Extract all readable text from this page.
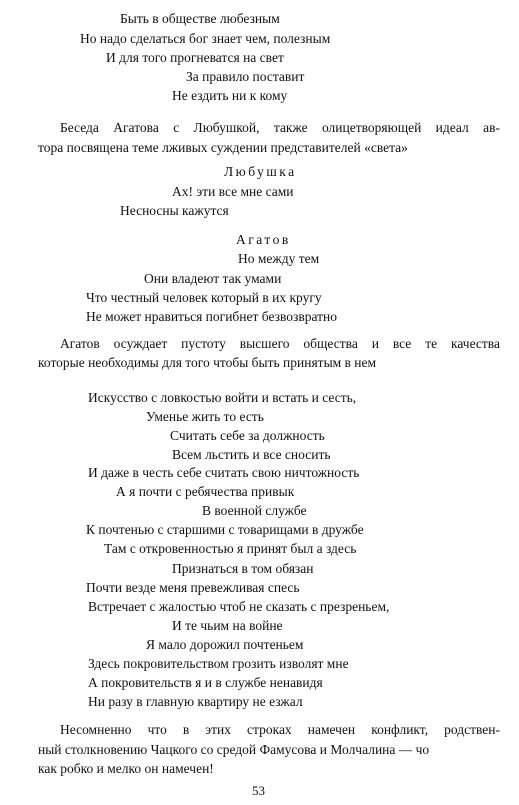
Быть в обществе любезным
Но надо сделаться бог знает чем, полезным
И для того прогневатся на свет
За правило поставит
Не ездить ни к кому
Беседа Агатова с Любушкой, также олицетворяющей идеал ав-
тора посвящена теме лживых суждении представителей «света»
Любушка
Ах! эти все мне сами
Несносны кажутся
Агатов
Но между тем
Они владеют так умами
Что честный человек который в их кругу
Не может нравиться погибнет безвозвратно
Агатов осуждает пустоту высшего общества и все те качества
которые необходимы для того чтобы быть принятым в нем
Искусство с ловкостью войти и встать и сесть,
Уменье жить то есть
Считать себе за должность
Всем льстить и все сносить
И даже в честь себе считать свою ничтожность
А я почти с ребячества привык
В военной службе
К почтенью с старшими с товарищами в дружбе
Там с откровенностью я принят был а здесь
Признаться в том обязан
Почти везде меня превежливая спесь
Встречает с жалостью чтоб не сказать с презреньем,
И те чьим на войне
Я мало дорожил почтеньем
Здесь покровительством грозить изволят мне
А покровительств я и в службе ненавидя
Ни разу в главную квартиру не езжал
Несомненно что в этих строках намечен конфликт, родствен-
ный столкновению Чацкого со средой Фамусова и Молчалина — чо
как робко и мелко он намечен!
53
